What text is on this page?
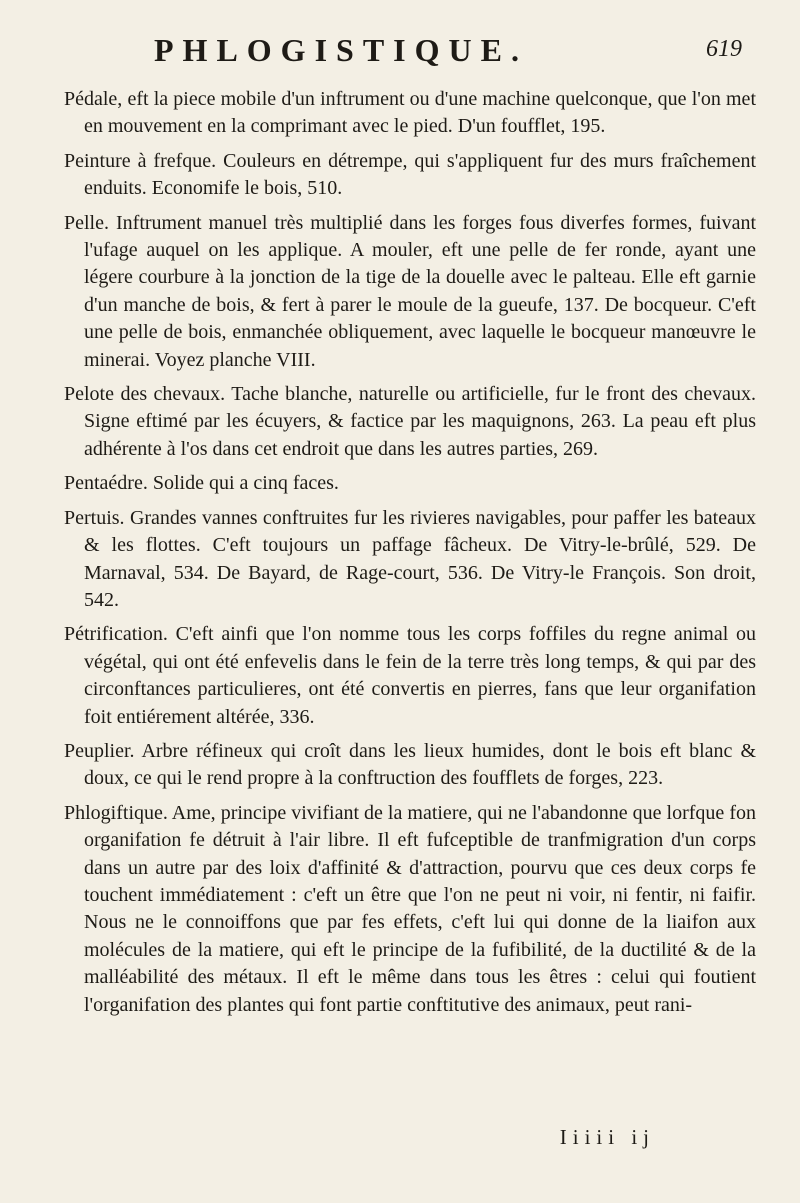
PHLOGISTIQUE.	619

Pédale, eft la piece mobile d'un inftrument ou d'une machine quelconque, que l'on met en mouvement en la comprimant avec le pied. D'un foufflet, 195.

Peinture à frefque. Couleurs en détrempe, qui s'appliquent fur des murs fraîchement enduits. Economife le bois, 510.

Pelle. Inftrument manuel très multiplié dans les forges fous diverfes formes, fuivant l'ufage auquel on les applique. A mouler, eft une pelle de fer ronde, ayant une légere courbure à la jonction de la tige de la douelle avec le palteau. Elle eft garnie d'un manche de bois, & fert à parer le moule de la gueufe, 137. De bocqueur. C'eft une pelle de bois, enmanchée obliquement, avec laquelle le bocqueur manœuvre le minerai. Voyez planche VIII.

Pelote des chevaux. Tache blanche, naturelle ou artificielle, fur le front des chevaux. Signe eftimé par les écuyers, & factice par les maquignons, 263. La peau eft plus adhérente à l'os dans cet endroit que dans les autres parties, 269.

Pentaédre. Solide qui a cinq faces.

Pertuis. Grandes vannes conftruites fur les rivieres navigables, pour paffer les bateaux & les flottes. C'eft toujours un paffage fâcheux. De Vitry-le-brûlé, 529. De Marnaval, 534. De Bayard, de Rage-court, 536. De Vitry-le François. Son droit, 542.

Pétrification. C'eft ainfi que l'on nomme tous les corps foffiles du regne animal ou végétal, qui ont été enfevelis dans le fein de la terre très long temps, & qui par des circonftances particulieres, ont été convertis en pierres, fans que leur organifation foit entiérement altérée, 336.

Peuplier. Arbre réfineux qui croît dans les lieux humides, dont le bois eft blanc & doux, ce qui le rend propre à la conftruction des foufflets de forges, 223.

Phlogiftique. Ame, principe vivifiant de la matiere, qui ne l'abandonne que lorfque fon organifation fe détruit à l'air libre. Il eft fufceptible de tranfmigration d'un corps dans un autre par des loix d'affinité & d'attraction, pourvu que ces deux corps fe touchent immédiatement : c'eft un être que l'on ne peut ni voir, ni fentir, ni faifir. Nous ne le connoiffons que par fes effets, c'eft lui qui donne de la liaifon aux molécules de la matiere, qui eft le principe de la fufibilité, de la ductilité & de la malléabilité des métaux. Il eft le même dans tous les êtres : celui qui foutient l'organifation des plantes qui font partie conftitutive des animaux, peut rani-

Iiiii ij
